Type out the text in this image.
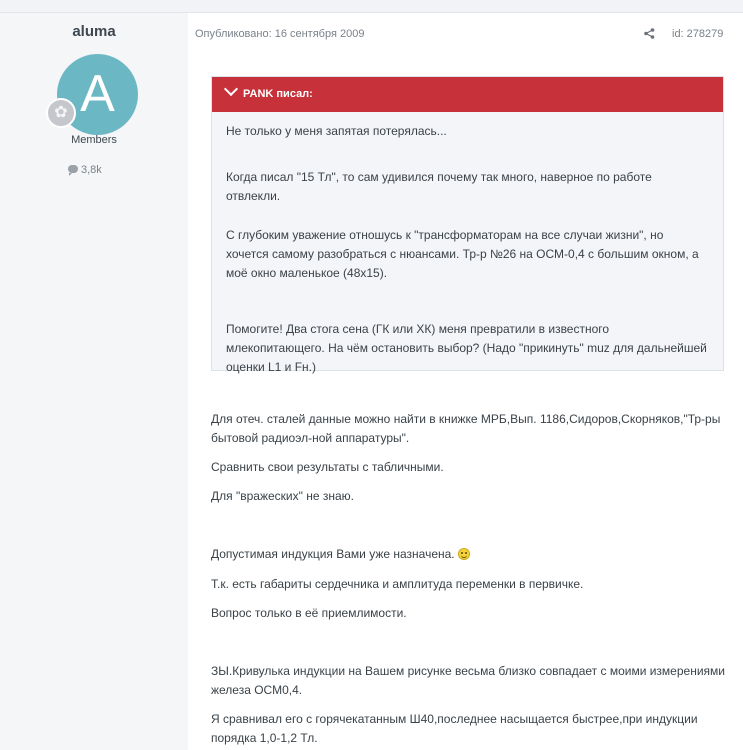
aluma
A
✿
Members
3,8k
Опубликовано: 16 сентября 2009	id: 278279
PANK писал:

Не только у меня запятая потерялась...

Когда писал "15 Тл", то сам удивился почему так много, наверное по работе отвлекли.

С глубоким уважение отношусь к "трансформаторам на все случаи жизни", но хочется самому разобраться с нюансами. Тр-р №26 на ОСМ-0,4 с большим окном, а моё окно маленькое (48х15).

Помогите! Два стога сена (ГК или ХК) меня превратили в известного млекопитающего. На чём остановить выбор? (Надо "прикинуть" muz для дальнейшей оценки L1 и Fн.)

Для отеч. сталей данные можно найти в книжке МРБ,Вып. 1186,Сидоров,Скорняков,"Тр-ры бытовой радиоэл-ной аппаратуры".

Сравнить свои результаты с табличными.

Для "вражеских" не знаю.

Допустимая индукция Вами уже назначена.

Т.к. есть габариты сердечника и амплитуда переменки в первичке.

Вопрос только в её приемлимости.

ЗЫ.Кривулька индукции на Вашем рисунке весьма близко совпадает с моими измерениями железа ОСМ0,4.

Я сравнивал его с горячекатанным Ш40,последнее насыщается быстрее,при индукции порядка 1,0-1,2 Тл.
